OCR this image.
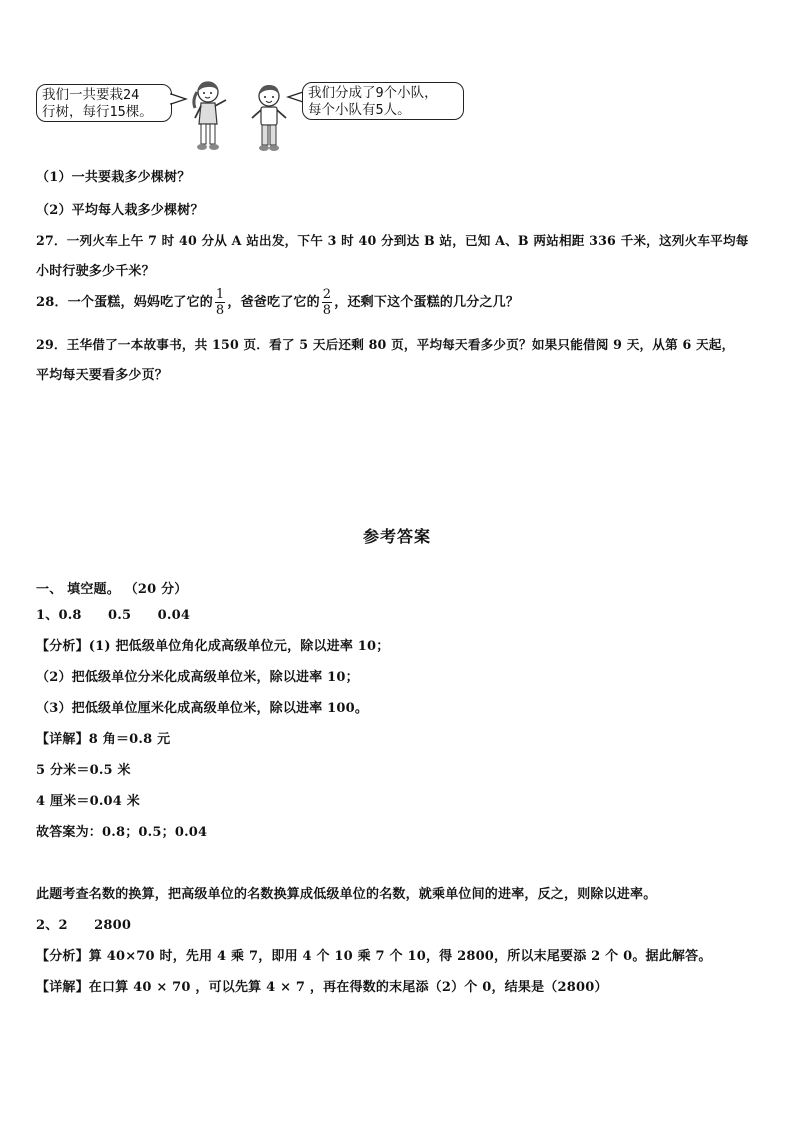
我们一共要栽24
行树，每行15棵。
我们分成了9个小队，
每个小队有5人。
（1）一共要栽多少棵树？
（2）平均每人栽多少棵树？
27．一列火车上午 7 时 40 分从 A 站出发，下午 3 时 40 分到达 B 站，已知 A、B 两站相距 336 千米，这列火车平均每
小时行驶多少千米？
28．一个蛋糕，妈妈吃了它的 $\frac{1}{8}$ ，爸爸吃了它的 $\frac{2}{8}$ ，还剩下这个蛋糕的几分之几？
29．王华借了一本故事书，共 150 页．看了 5 天后还剩 80 页，平均每天看多少页？如果只能借阅 9 天，从第 6 天起，
平均每天要看多少页？
参考答案
一、 填空题。 （20 分）
1、0.8　　0.5　　0.04
【分析】(1) 把低级单位角化成高级单位元，除以进率 10；
（2）把低级单位分米化成高级单位米，除以进率 10；
（3）把低级单位厘米化成高级单位米，除以进率 100。
【详解】8 角＝0.8 元
5 分米＝0.5 米
4 厘米＝0.04 米
故答案为：0.8；0.5；0.04
此题考查名数的换算，把高级单位的名数换算成低级单位的名数，就乘单位间的进率，反之，则除以进率。
2、2　　2800
【分析】算 40×70 时，先用 4 乘 7，即用 4 个 10 乘 7 个 10，得 2800，所以末尾要添 2 个 0。据此解答。
【详解】在口算 40 × 70 ，可以先算 4 × 7 ，再在得数的末尾添（2）个 0，结果是（2800）
